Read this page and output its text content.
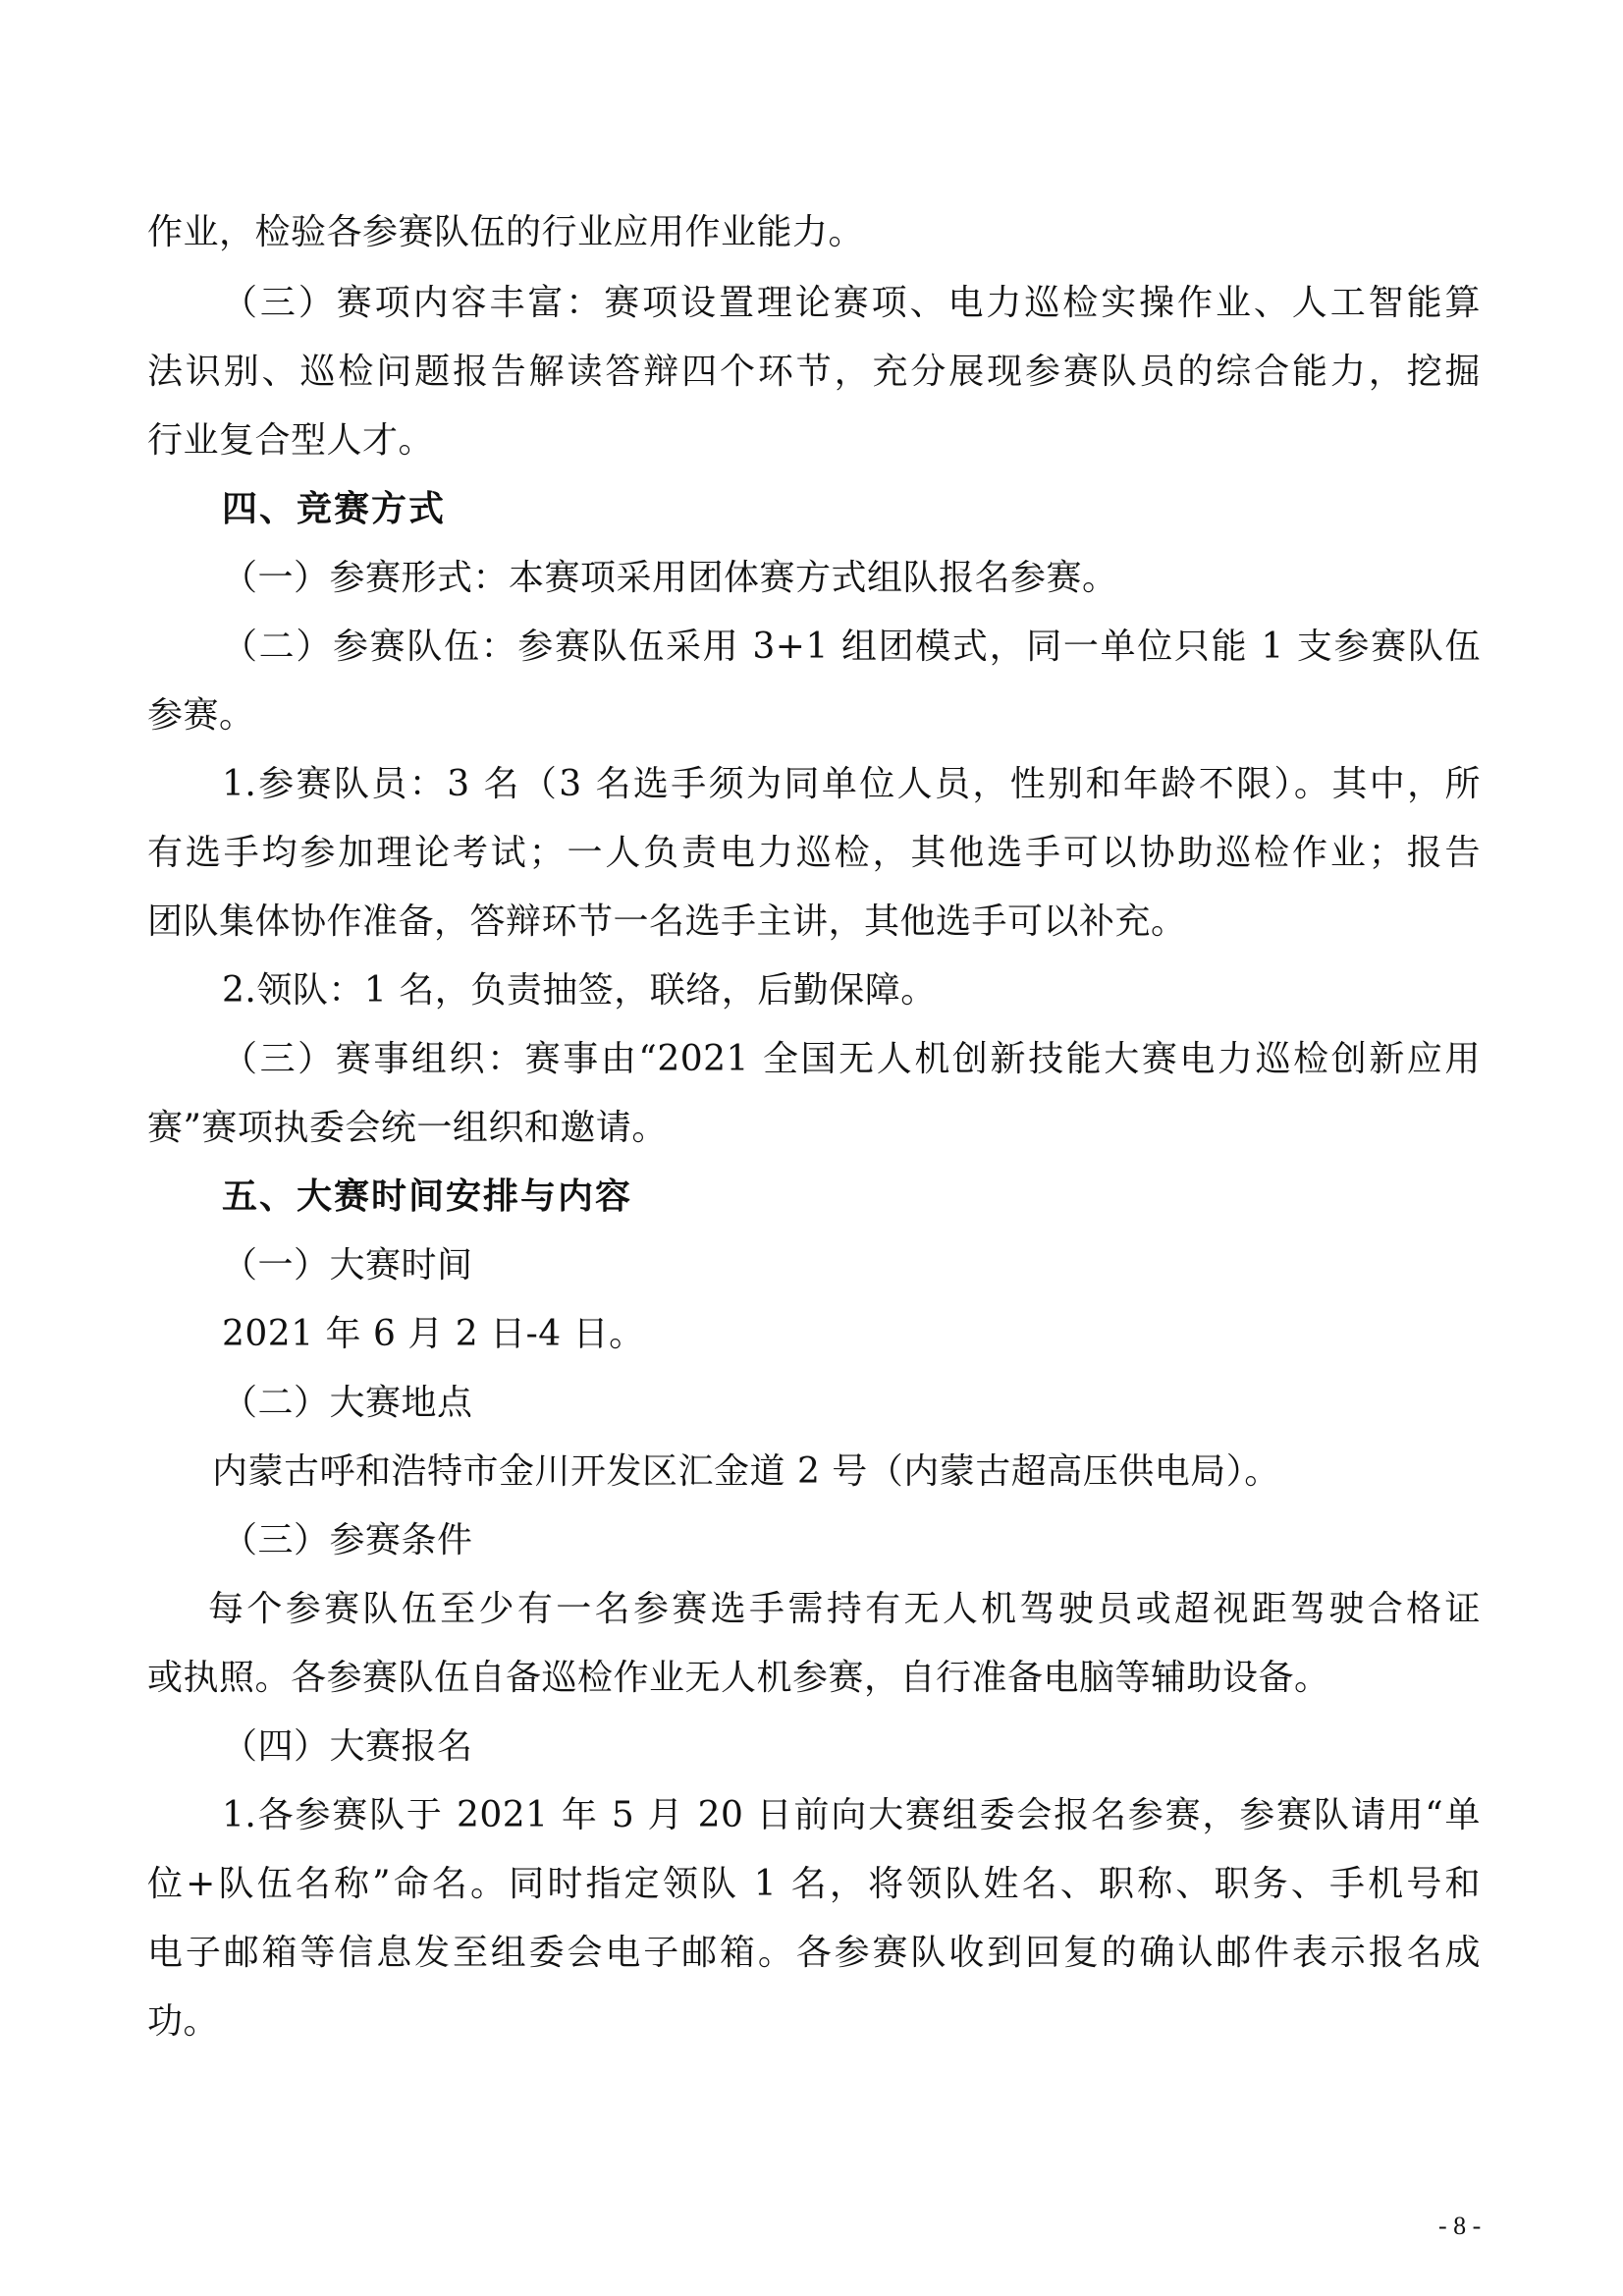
作业，检验各参赛队伍的行业应用作业能力。
（三）赛项内容丰富：赛项设置理论赛项、电力巡检实操作业、人工智能算
法识别、巡检问题报告解读答辩四个环节，充分展现参赛队员的综合能力，挖掘
行业复合型人才。
四、竞赛方式
（一）参赛形式：本赛项采用团体赛方式组队报名参赛。
（二）参赛队伍：参赛队伍采用 3+1 组团模式，同一单位只能 1 支参赛队伍
参赛。
1.参赛队员：3 名（3 名选手须为同单位人员，性别和年龄不限）。其中，所
有选手均参加理论考试；一人负责电力巡检，其他选手可以协助巡检作业；报告
团队集体协作准备，答辩环节一名选手主讲，其他选手可以补充。
2.领队：1 名，负责抽签，联络，后勤保障。
（三）赛事组织：赛事由“2021 全国无人机创新技能大赛电力巡检创新应用
赛”赛项执委会统一组织和邀请。
五、大赛时间安排与内容
（一）大赛时间
2021 年 6 月 2 日-4 日。
（二）大赛地点
内蒙古呼和浩特市金川开发区汇金道 2 号（内蒙古超高压供电局）。
（三）参赛条件
每个参赛队伍至少有一名参赛选手需持有无人机驾驶员或超视距驾驶合格证
或执照。各参赛队伍自备巡检作业无人机参赛，自行准备电脑等辅助设备。
（四）大赛报名
1.各参赛队于 2021 年 5 月 20 日前向大赛组委会报名参赛，参赛队请用“单
位+队伍名称”命名。同时指定领队 1 名，将领队姓名、职称、职务、手机号和
电子邮箱等信息发至组委会电子邮箱。各参赛队收到回复的确认邮件表示报名成
功。
- 8 -
